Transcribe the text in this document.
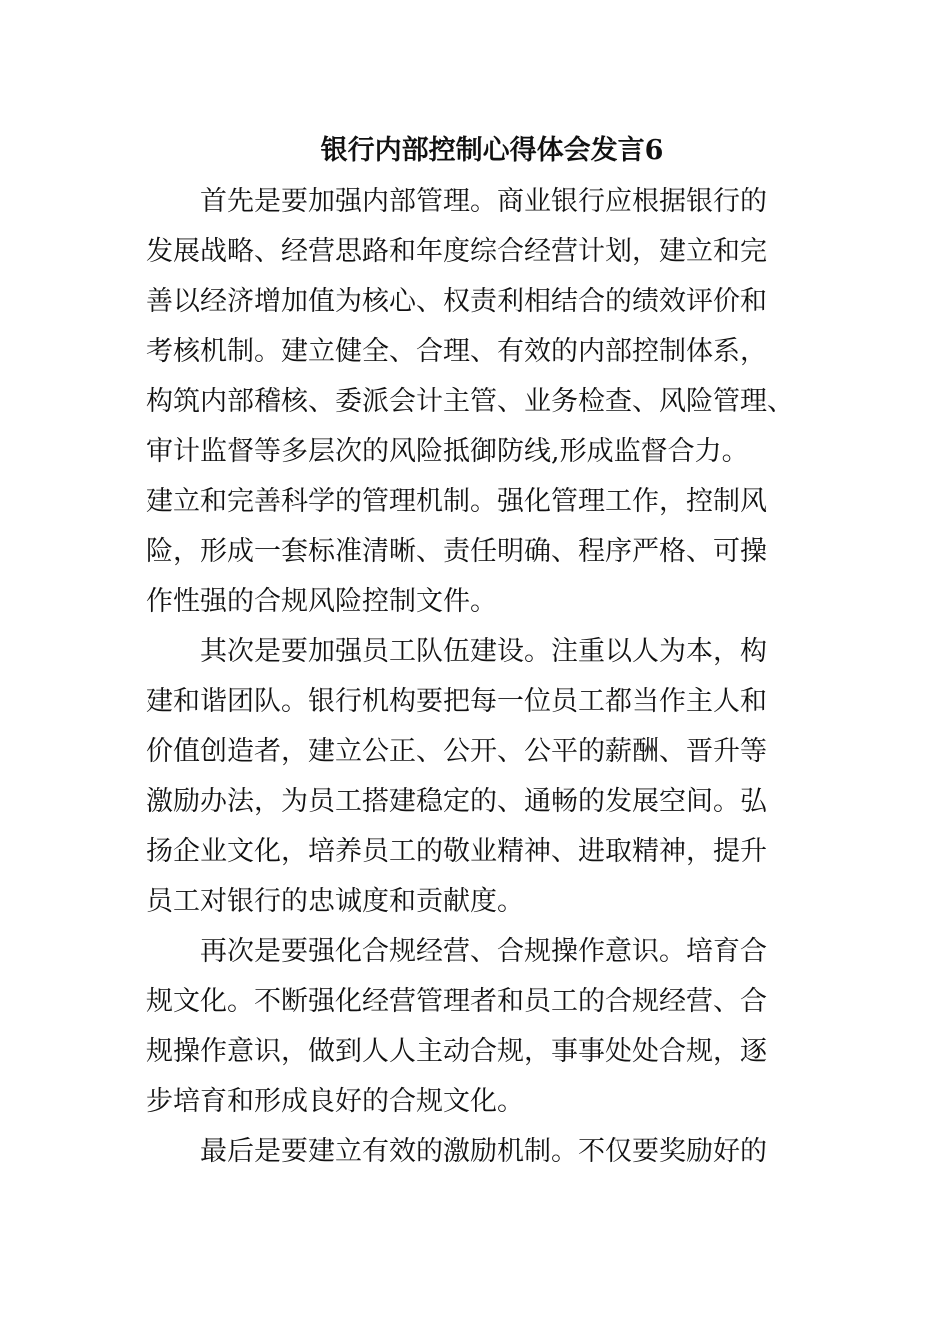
银行内部控制心得体会发言6
首先是要加强内部管理。商业银行应根据银行的
发展战略、经营思路和年度综合经营计划，建立和完
善以经济增加值为核心、权责利相结合的绩效评价和
考核机制。建立健全、合理、有效的内部控制体系，
构筑内部稽核、委派会计主管、业务检查、风险管理、
审计监督等多层次的风险抵御防线,形成监督合力。
建立和完善科学的管理机制。强化管理工作，控制风
险，形成一套标准清晰、责任明确、程序严格、可操
作性强的合规风险控制文件。
其次是要加强员工队伍建设。注重以人为本，构
建和谐团队。银行机构要把每一位员工都当作主人和
价值创造者，建立公正、公开、公平的薪酬、晋升等
激励办法，为员工搭建稳定的、通畅的发展空间。弘
扬企业文化，培养员工的敬业精神、进取精神，提升
员工对银行的忠诚度和贡献度。
再次是要强化合规经营、合规操作意识。培育合
规文化。不断强化经营管理者和员工的合规经营、合
规操作意识，做到人人主动合规，事事处处合规，逐
步培育和形成良好的合规文化。
最后是要建立有效的激励机制。不仅要奖励好的
